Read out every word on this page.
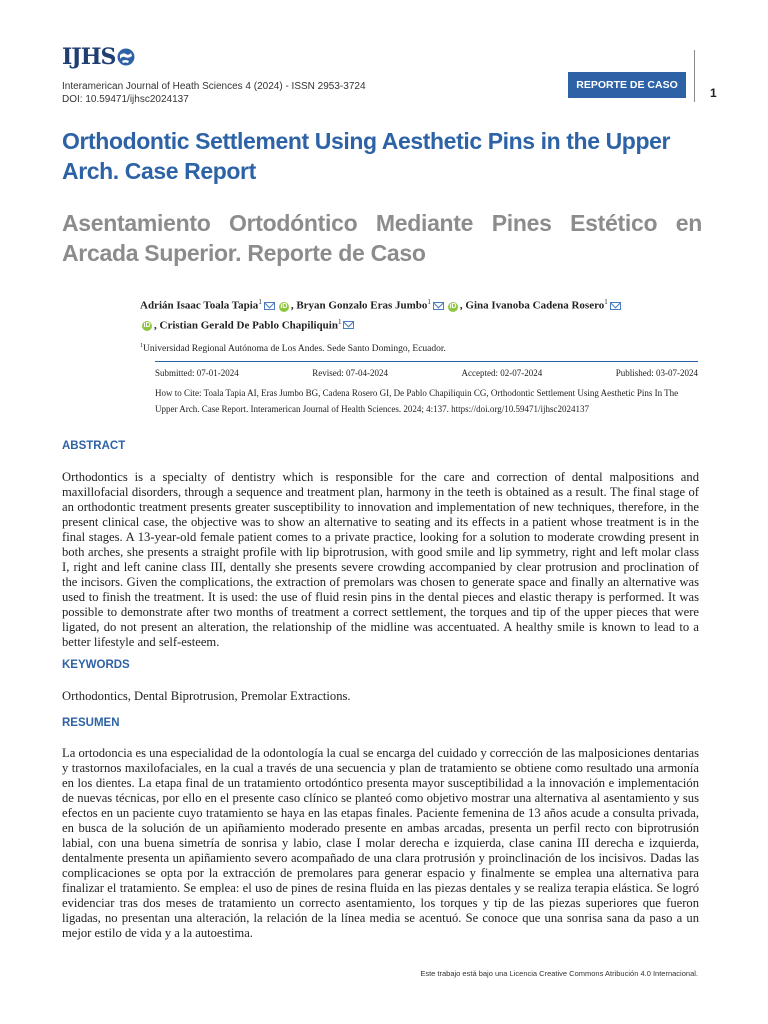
IJHS
Interamerican Journal of Heath Sciences 4 (2024) - ISSN 2953-3724
DOI: 10.59471/ijhsc2024137
REPORTE DE CASO
1
Orthodontic Settlement Using Aesthetic Pins in the Upper Arch. Case Report
Asentamiento Ortodóntico Mediante Pines Estético en Arcada Superior. Reporte de Caso
Adrián Isaac Toala Tapia$^1$iD , Bryan Gonzalo Eras Jumbo$^1$iD , Gina Ivanoba Cadena Rosero$^1$
iD , Cristian Gerald De Pablo Chapiliquin$^1$
$^1$Universidad Regional Autónoma de Los Andes. Sede Santo Domingo, Ecuador.
Submitted: 07-01-2024	Revised: 07-04-2024	Accepted: 02-07-2024	Published: 03-07-2024
How to Cite: Toala Tapia AI, Eras Jumbo BG, Cadena Rosero GI, De Pablo Chapiliquin CG, Orthodontic Settlement Using Aesthetic Pins In The Upper Arch. Case Report. Interamerican Journal of Health Sciences. 2024; 4:137. https://doi.org/10.59471/ijhsc2024137
ABSTRACT
Orthodontics is a specialty of dentistry which is responsible for the care and correction of dental malpositions and maxillofacial disorders, through a sequence and treatment plan, harmony in the teeth is obtained as a result. The final stage of an orthodontic treatment presents greater susceptibility to innovation and implementation of new techniques, therefore, in the present clinical case, the objective was to show an alternative to seating and its effects in a patient whose treatment is in the final stages. A 13-year-old female patient comes to a private practice, looking for a solution to moderate crowding present in both arches, she presents a straight profile with lip biprotrusion, with good smile and lip symmetry, right and left molar class I, right and left canine class III, dentally she presents severe crowding accompanied by clear protrusion and proclination of the incisors. Given the complications, the extraction of premolars was chosen to generate space and finally an alternative was used to finish the treatment. It is used: the use of fluid resin pins in the dental pieces and elastic therapy is performed. It was possible to demonstrate after two months of treatment a correct settlement, the torques and tip of the upper pieces that were ligated, do not present an alteration, the relationship of the midline was accentuated. A healthy smile is known to lead to a better lifestyle and self-esteem.
KEYWORDS
Orthodontics, Dental Biprotrusion, Premolar Extractions.
RESUMEN
La ortodoncia es una especialidad de la odontología la cual se encarga del cuidado y corrección de las malposiciones dentarias y trastornos maxilofaciales, en la cual a través de una secuencia y plan de tratamiento se obtiene como resultado una armonía en los dientes. La etapa final de un tratamiento ortodóntico presenta mayor susceptibilidad a la innovación e implementación de nuevas técnicas, por ello en el presente caso clínico se planteó como objetivo mostrar una alternativa al asentamiento y sus efectos en un paciente cuyo tratamiento se haya en las etapas finales. Paciente femenina de 13 años acude a consulta privada, en busca de la solución de un apiñamiento moderado presente en ambas arcadas, presenta un perfil recto con biprotrusión labial, con una buena simetría de sonrisa y labio, clase I molar derecha e izquierda, clase canina III derecha e izquierda, dentalmente presenta un apiñamiento severo acompañado de una clara protrusión y proinclinación de los incisivos. Dadas las complicaciones se opta por la extracción de premolares para generar espacio y finalmente se emplea una alternativa para finalizar el tratamiento. Se emplea: el uso de pines de resina fluida en las piezas dentales y se realiza terapia elástica. Se logró evidenciar tras dos meses de tratamiento un correcto asentamiento, los torques y tip de las piezas superiores que fueron ligadas, no presentan una alteración, la relación de la línea media se acentuó. Se conoce que una sonrisa sana da paso a un mejor estilo de vida y a la autoestima.
Este trabajo está bajo una Licencia Creative Commons Atribución 4.0 Internacional.
